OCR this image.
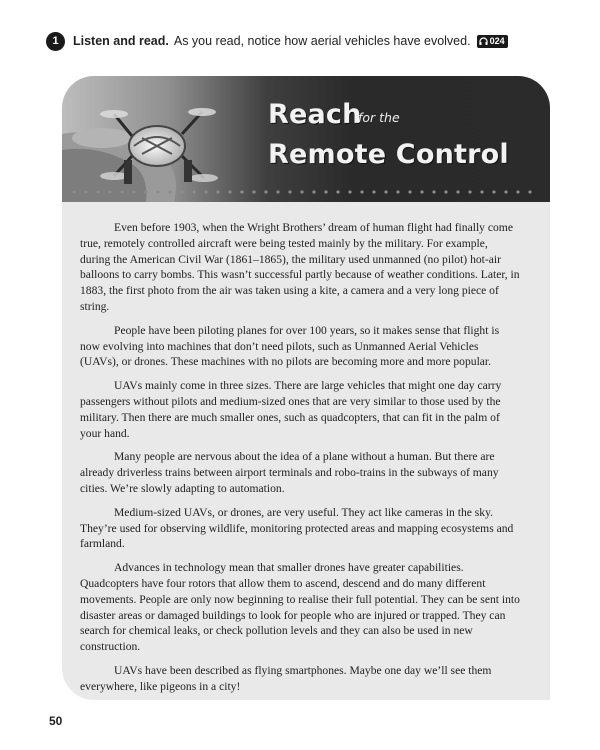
1	Listen and read. As you read, notice how aerial vehicles have evolved. 024
Reach
for the
Remote Control

Even before 1903, when the Wright Brothers’ dream of human flight had finally come true, remotely controlled aircraft were being tested mainly by the military. For example, during the American Civil War (1861–1865), the military used unmanned (no pilot) hot-air balloons to carry bombs. This wasn’t successful partly because of weather conditions. Later, in 1883, the first photo from the air was taken using a kite, a camera and a very long piece of string.

People have been piloting planes for over 100 years, so it makes sense that flight is now evolving into machines that don’t need pilots, such as Unmanned Aerial Vehicles (UAVs), or drones. These machines with no pilots are becoming more and more popular.

UAVs mainly come in three sizes. There are large vehicles that might one day carry passengers without pilots and medium-sized ones that are very similar to those used by the military. Then there are much smaller ones, such as quadcopters, that can fit in the palm of your hand.

Many people are nervous about the idea of a plane without a human. But there are already driverless trains between airport terminals and robo-trains in the subways of many cities. We’re slowly adapting to automation.

Medium-sized UAVs, or drones, are very useful. They act like cameras in the sky. They’re used for observing wildlife, monitoring protected areas and mapping ecosystems and farmland.

Advances in technology mean that smaller drones have greater capabilities. Quadcopters have four rotors that allow them to ascend, descend and do many different movements. People are only now beginning to realise their full potential. They can be sent into disaster areas or damaged buildings to look for people who are injured or trapped. They can search for chemical leaks, or check pollution levels and they can also be used in new construction.

UAVs have been described as flying smartphones. Maybe one day we’ll see them everywhere, like pigeons in a city!

50
